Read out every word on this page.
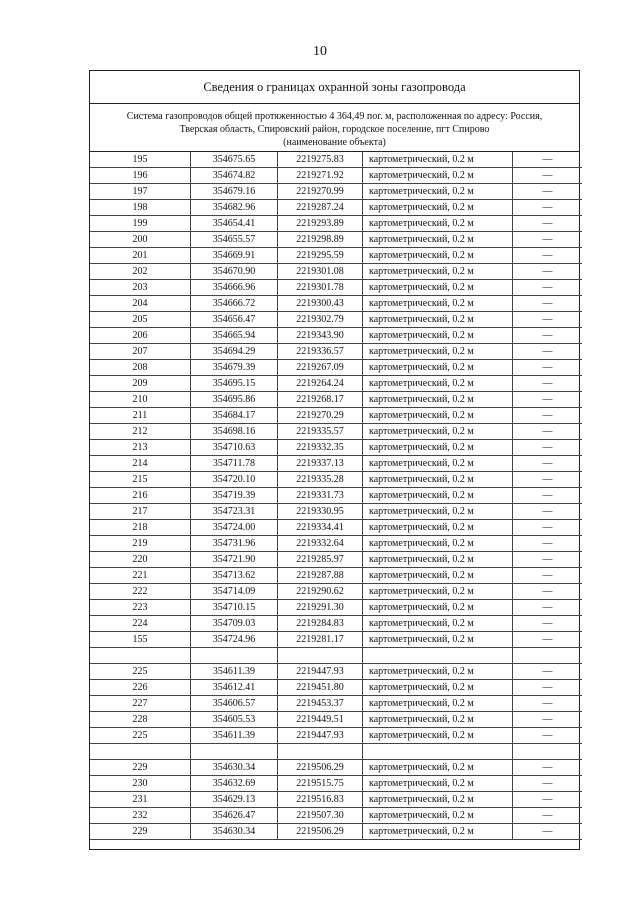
10
Сведения о границах охранной зоны газопровода
Система газопроводов общей протяженностью 4 364,49 пог. м, расположенная по адресу: Россия,
Тверская область, Спировский район, городское поселение, пгт Спирово
(наименование объекта)
195	354675.65	2219275.83	картометрический, 0.2 м	—
196	354674.82	2219271.92	картометрический, 0.2 м	—
197	354679.16	2219270.99	картометрический, 0.2 м	—
198	354682.96	2219287.24	картометрический, 0.2 м	—
199	354654.41	2219293.89	картометрический, 0.2 м	—
200	354655.57	2219298.89	картометрический, 0.2 м	—
201	354669.91	2219295.59	картометрический, 0.2 м	—
202	354670.90	2219301.08	картометрический, 0.2 м	—
203	354666.96	2219301.78	картометрический, 0.2 м	—
204	354666.72	2219300.43	картометрический, 0.2 м	—
205	354656.47	2219302.79	картометрический, 0.2 м	—
206	354665.94	2219343.90	картометрический, 0.2 м	—
207	354694.29	2219336.57	картометрический, 0.2 м	—
208	354679.39	2219267.09	картометрический, 0.2 м	—
209	354695.15	2219264.24	картометрический, 0.2 м	—
210	354695.86	2219268.17	картометрический, 0.2 м	—
211	354684.17	2219270.29	картометрический, 0.2 м	—
212	354698.16	2219335.57	картометрический, 0.2 м	—
213	354710.63	2219332.35	картометрический, 0.2 м	—
214	354711.78	2219337.13	картометрический, 0.2 м	—
215	354720.10	2219335.28	картометрический, 0.2 м	—
216	354719.39	2219331.73	картометрический, 0.2 м	—
217	354723.31	2219330.95	картометрический, 0.2 м	—
218	354724.00	2219334.41	картометрический, 0.2 м	—
219	354731.96	2219332.64	картометрический, 0.2 м	—
220	354721.90	2219285.97	картометрический, 0.2 м	—
221	354713.62	2219287.88	картометрический, 0.2 м	—
222	354714.09	2219290.62	картометрический, 0.2 м	—
223	354710.15	2219291.30	картометрический, 0.2 м	—
224	354709.03	2219284.83	картометрический, 0.2 м	—
155	354724.96	2219281.17	картометрический, 0.2 м	—

225	354611.39	2219447.93	картометрический, 0.2 м	—
226	354612.41	2219451.80	картометрический, 0.2 м	—
227	354606.57	2219453.37	картометрический, 0.2 м	—
228	354605.53	2219449.51	картометрический, 0.2 м	—
225	354611.39	2219447.93	картометрический, 0.2 м	—

229	354630.34	2219506.29	картометрический, 0.2 м	—
230	354632.69	2219515.75	картометрический, 0.2 м	—
231	354629.13	2219516.83	картометрический, 0.2 м	—
232	354626.47	2219507.30	картометрический, 0.2 м	—
229	354630.34	2219506.29	картометрический, 0.2 м	—
